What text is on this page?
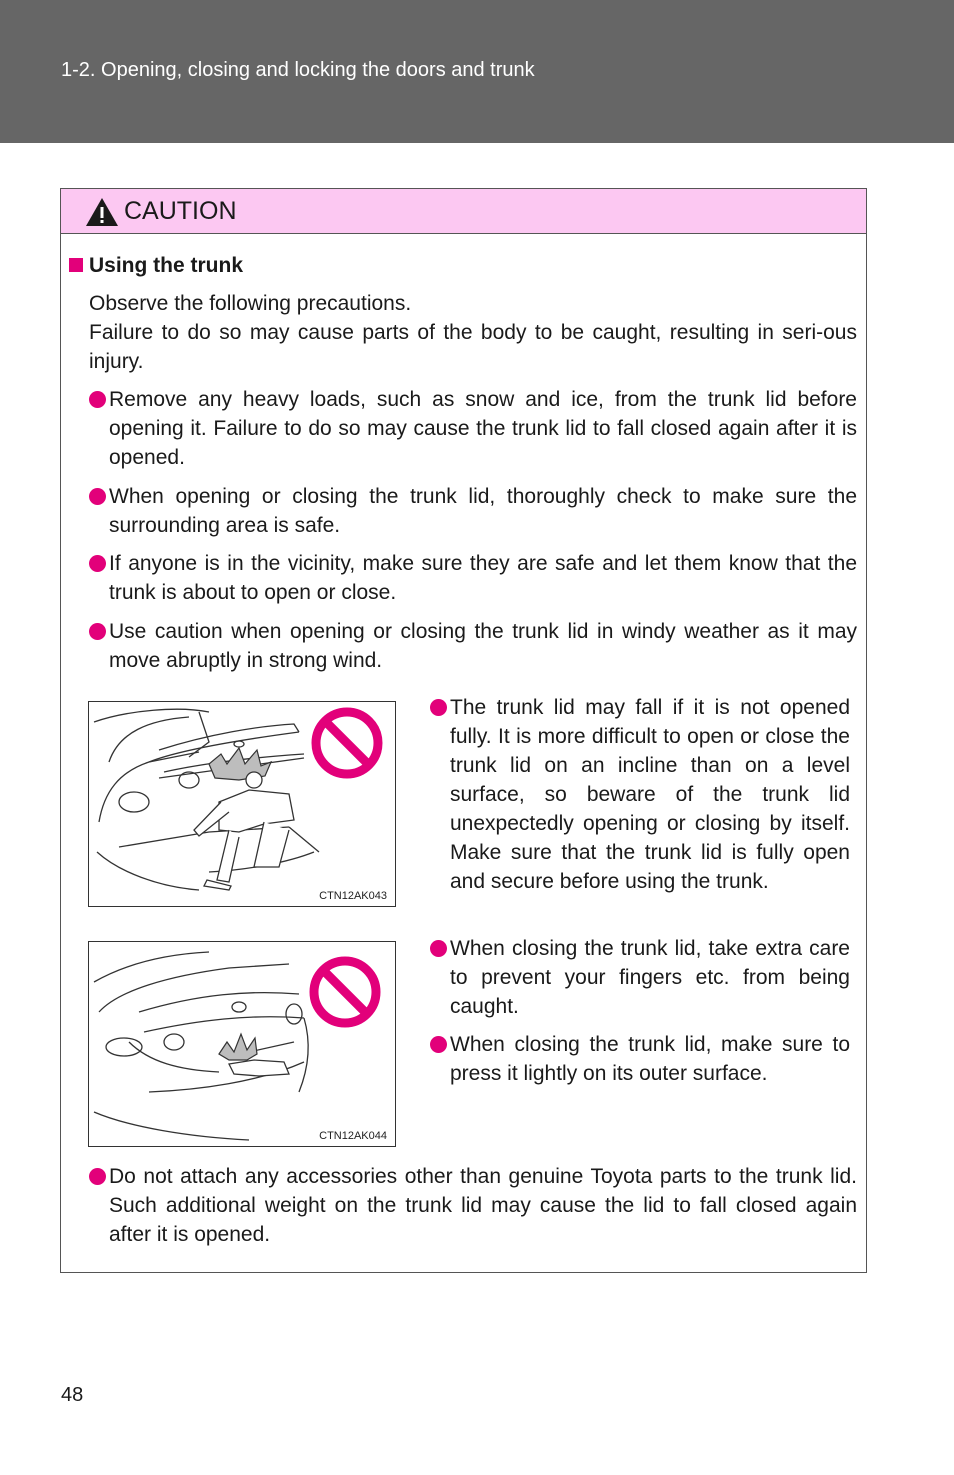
1-2. Opening, closing and locking the doors and trunk
CAUTION
Using the trunk

Observe the following precautions.

Failure to do so may cause parts of the body to be caught, resulting in seri-ous injury.

Remove any heavy loads, such as snow and ice, from the trunk lid before opening it. Failure to do so may cause the trunk lid to fall closed again after it is opened.
When opening or closing the trunk lid, thoroughly check to make sure the surrounding area is safe.
If anyone is in the vicinity, make sure they are safe and let them know that the trunk is about to open or close.
Use caution when opening or closing the trunk lid in windy weather as it may move abruptly in strong wind.
CTN12AK043
CTN12AK044
The trunk lid may fall if it is not opened fully. It is more difficult to open or close the trunk lid on an incline than on a level surface, so beware of the trunk lid unexpectedly opening or closing by itself. Make sure that the trunk lid is fully open and secure before using the trunk.
When closing the trunk lid, take extra care to prevent your fingers etc. from being caught.
When closing the trunk lid, make sure to press it lightly on its outer surface.
Do not attach any accessories other than genuine Toyota parts to the trunk lid. Such additional weight on the trunk lid may cause the lid to fall closed again after it is opened.
48
